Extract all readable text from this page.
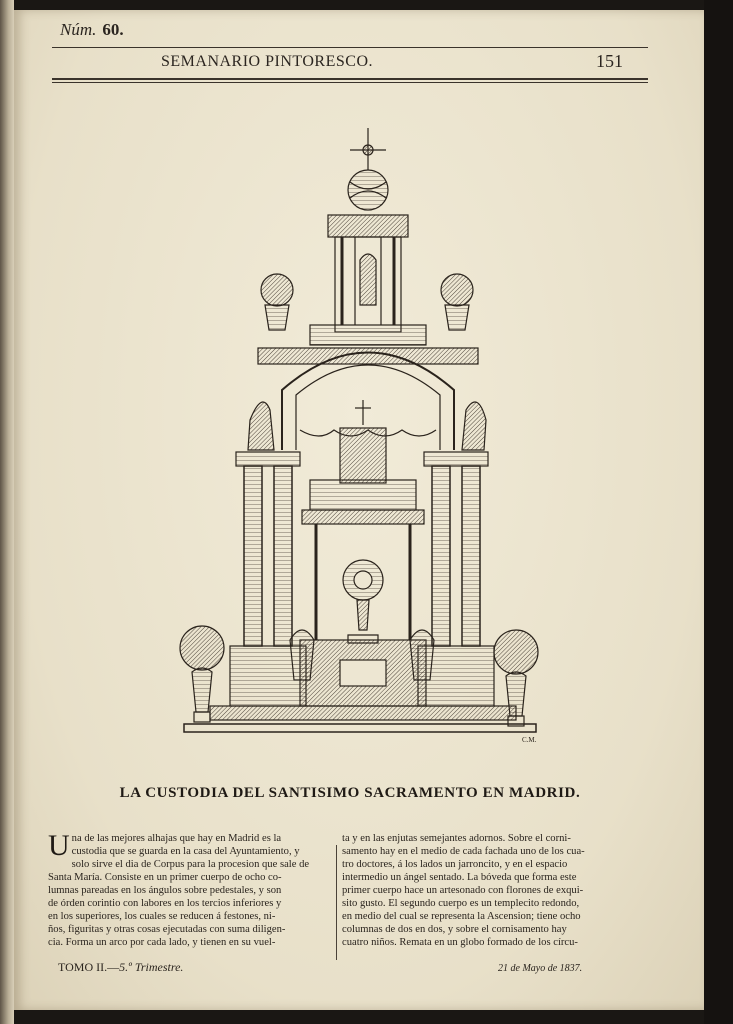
Núm. 60.
SEMANARIO PINTORESCO.	151
C.M.
LA CUSTODIA DEL SANTISIMO SACRAMENTO EN MADRID.
U na de las mejores alhajas que hay en Madrid es la

custodia que se guarda en la casa del Ayuntamiento, y

solo sirve el dia de Corpus para la procesion que sale de

Santa María. Consiste en un primer cuerpo de ocho co-

lumnas pareadas en los ángulos sobre pedestales, y son

de órden corintio con labores en los tercios inferiores y

en los superiores, los cuales se reducen á festones, ni-

ños, figuritas y otras cosas ejecutadas con suma diligen-

cia. Forma un arco por cada lado, y tienen en su vuel-

ta y en las enjutas semejantes adornos. Sobre el corni-

samento hay en el medio de cada fachada uno de los cua-

tro doctores, á los lados un jarroncito, y en el espacio

intermedio un ángel sentado. La bóveda que forma este

primer cuerpo hace un artesonado con florones de exqui-

sito gusto. El segundo cuerpo es un templecito redondo,

en medio del cual se representa la Ascension; tiene ocho

columnas de dos en dos, y sobre el cornisamento hay

cuatro niños. Remata en un globo formado de los círcu-

TOMO II.—5.º Trimestre.	21 de Mayo de 1837.
